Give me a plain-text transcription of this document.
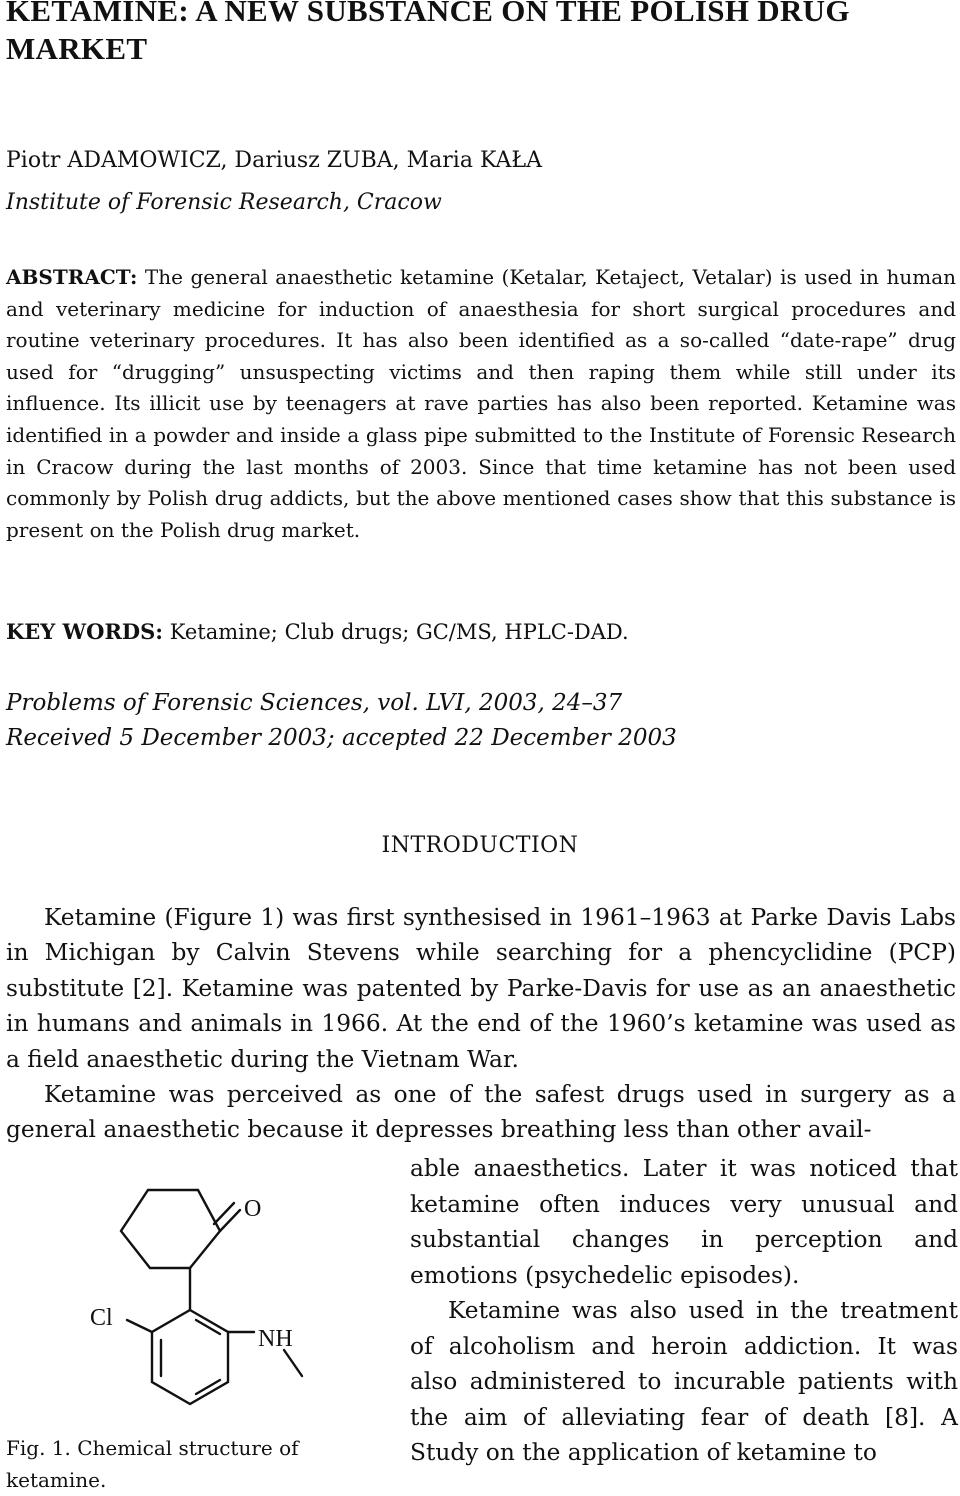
KETAMINE: A NEW SUBSTANCE ON THE POLISH DRUG MARKET
Piotr ADAMOWICZ, Dariusz ZUBA, Maria KAŁA
Institute of Forensic Research, Cracow

ABSTRACT: The general anaesthetic ketamine (Ketalar, Ketaject, Vetalar) is used in human and veterinary medicine for induction of anaesthesia for short surgical procedures and routine veterinary procedures. It has also been identified as a so-called “date-rape” drug used for “drugging” unsuspecting victims and then raping them while still under its influence. Its illicit use by teenagers at rave parties has also been reported. Ketamine was identified in a powder and inside a glass pipe submitted to the Institute of Forensic Research in Cracow during the last months of 2003. Since that time ketamine has not been used commonly by Polish drug addicts, but the above mentioned cases show that this substance is present on the Polish drug market.

KEY WORDS: Ketamine; Club drugs; GC/MS, HPLC-DAD.
Problems of Forensic Sciences, vol. LVI, 2003, 24–37
Received 5 December 2003; accepted 22 December 2003
INTRODUCTION

Ketamine (Figure 1) was first synthesised in 1961–1963 at Parke Davis Labs in Michigan by Calvin Stevens while searching for a phencyclidine (PCP) substitute [2]. Ketamine was patented by Parke-Davis for use as an anaesthetic in humans and animals in 1966. At the end of the 1960’s ketamine was used as a field anaesthetic during the Vietnam War.

Ketamine was perceived as one of the safest drugs used in surgery as a general anaesthetic because it depresses breathing less than other avail-

able anaesthetics. Later it was noticed that ketamine often induces very unusual and substantial changes in perception and emotions (psychedelic episodes).

Ketamine was also used in the treatment of alcoholism and heroin addiction. It was also administered to incurable patients with the aim of alleviating fear of death [8]. A Study on the application of ketamine to

O
Cl
NH

Fig. 1. Chemical structure of ketamine.
